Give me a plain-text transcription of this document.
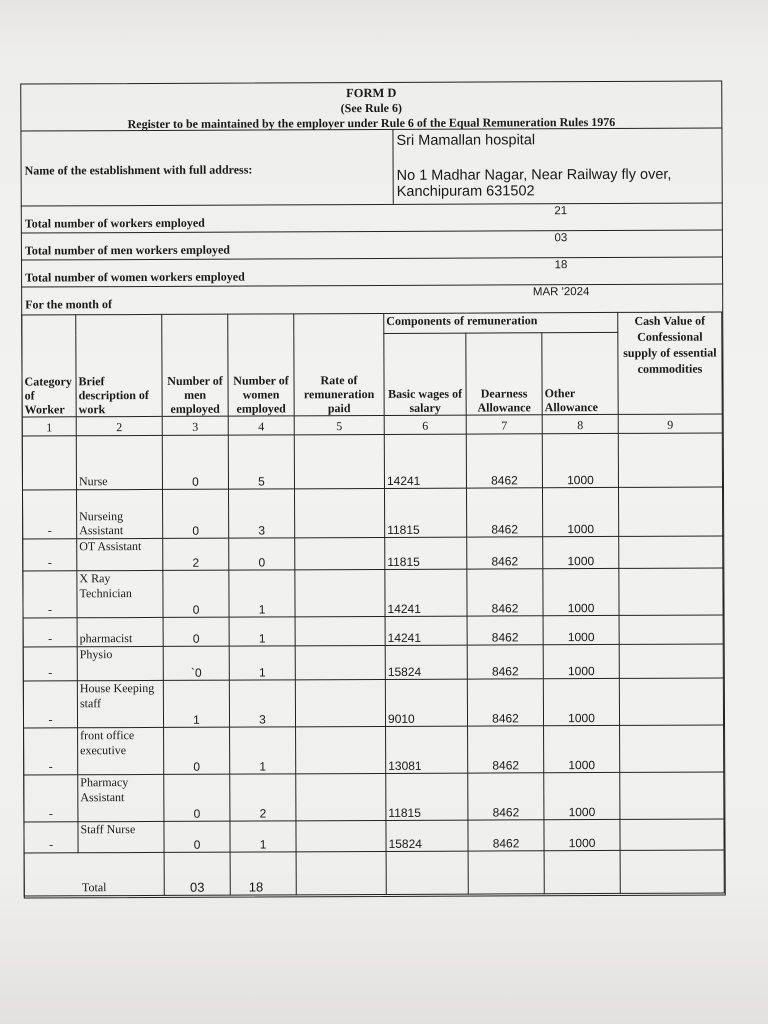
FORM D
(See Rule 6)
Register to be maintained by the employer under Rule 6 of the Equal Remuneration Rules 1976
Name of the establishment with full address:
Sri Mamallan hospital
No 1 Madhar Nagar, Near Railway fly over,
Kanchipuram 631502
Total number of workers employed
21
Total number of men workers employed
03
Total number of women workers employed
18
For the month of
MAR '2024
Category of Worker	Brief description of work	Number of men employed	Number of women employed	Rate of remuneration paid	Components of remuneration			Cash Value of Confessional supply of essential commodities
					Basic wages of salary	Dearness Allowance	Other Allowance	
1	2	3	4	5	6	7	8	9
	Nurse	0	5		14241	8462	1000	
-	Nurseing Assistant	0	3		11815	8462	1000	
-	OT Assistant	2	0		11815	8462	1000	
-	X Ray Technician	0	1		14241	8462	1000	
-	pharmacist	0	1		14241	8462	1000	
-	Physio	`0	1		15824	8462	1000	
-	House Keeping staff	1	3		9010	8462	1000	
-	front office executive	0	1		13081	8462	1000	
-	Pharmacy Assistant	0	2		11815	8462	1000	
-	Staff Nurse	0	1		15824	8462	1000	
Total		03	18					
